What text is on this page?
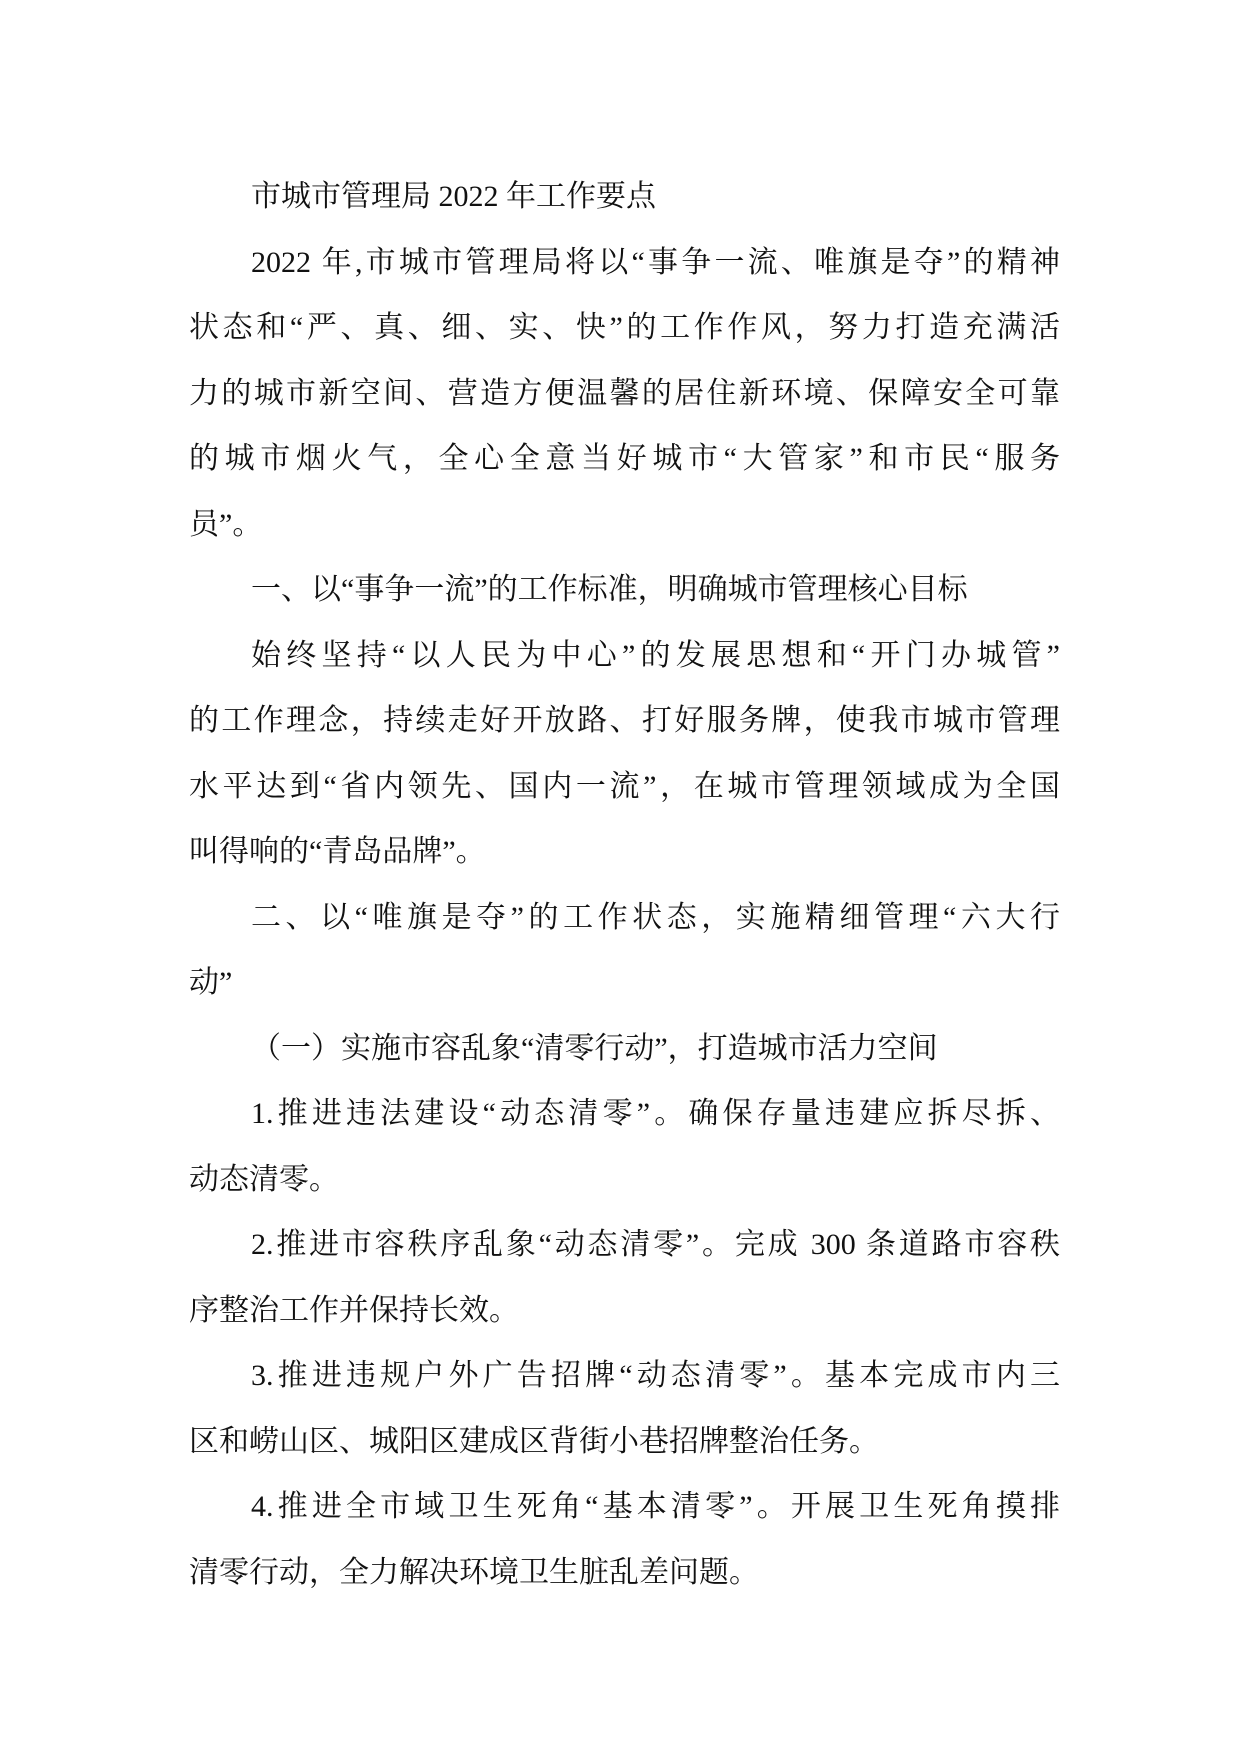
市城市管理局 2022 年工作要点
2022 年,市城市管理局将以“事争一流、唯旗是夺”的精神
状态和“严、真、细、实、快”的工作作风，努力打造充满活
力的城市新空间、营造方便温馨的居住新环境、保障安全可靠
的城市烟火气，全心全意当好城市“大管家”和市民“服务
员”。
一、以“事争一流”的工作标准，明确城市管理核心目标
始终坚持“以人民为中心”的发展思想和“开门办城管”
的工作理念，持续走好开放路、打好服务牌，使我市城市管理
水平达到“省内领先、国内一流”，在城市管理领域成为全国
叫得响的“青岛品牌”。
二、以“唯旗是夺”的工作状态，实施精细管理“六大行
动”
（一）实施市容乱象“清零行动”，打造城市活力空间
1.推进违法建设“动态清零”。确保存量违建应拆尽拆、
动态清零。
2.推进市容秩序乱象“动态清零”。完成 300 条道路市容秩
序整治工作并保持长效。
3.推进违规户外广告招牌“动态清零”。基本完成市内三
区和崂山区、城阳区建成区背街小巷招牌整治任务。
4.推进全市域卫生死角“基本清零”。开展卫生死角摸排
清零行动，全力解决环境卫生脏乱差问题。
